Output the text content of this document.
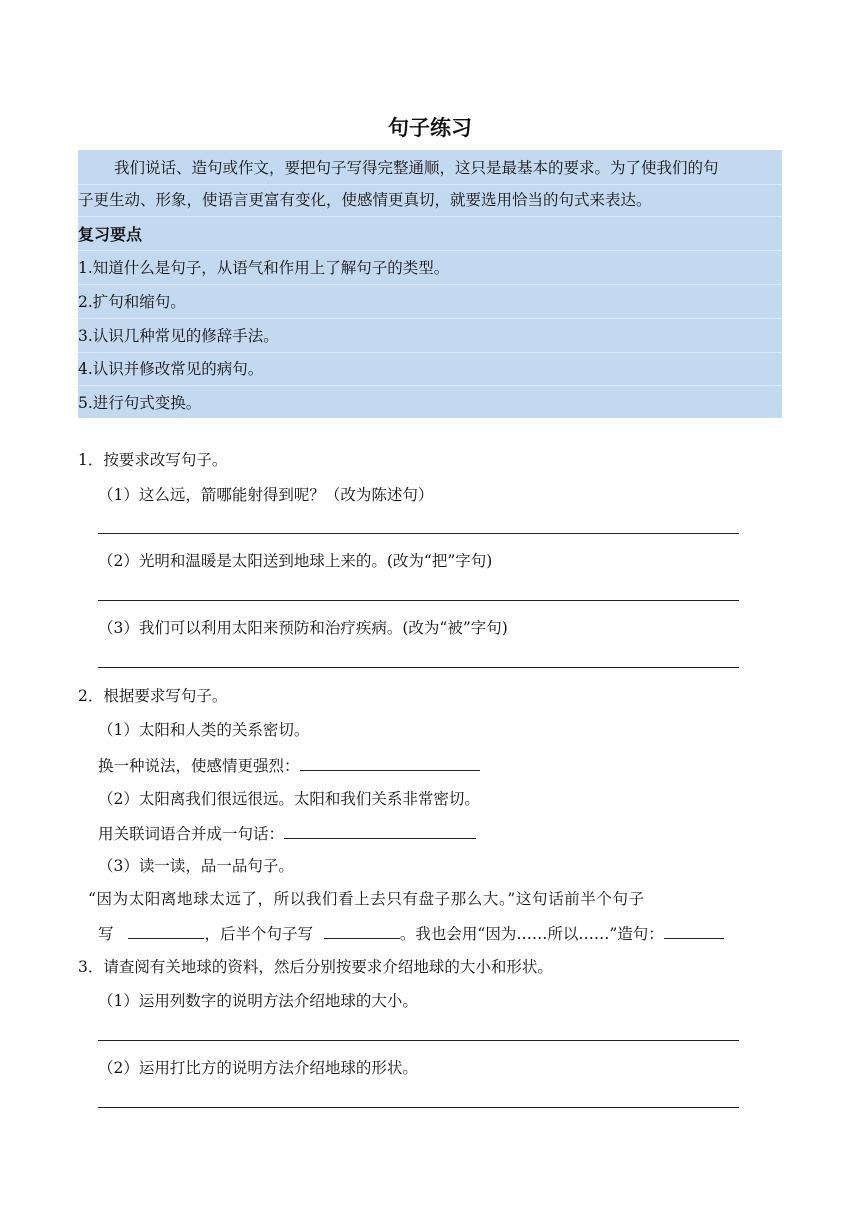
句子练习
我们说话、造句或作文，要把句子写得完整通顺，这只是最基本的要求。为了使我们的句
子更生动、形象，使语言更富有变化，使感情更真切，就要选用恰当的句式来表达。
复习要点
1.知道什么是句子，从语气和作用上了解句子的类型。
2.扩句和缩句。
3.认识几种常见的修辞手法。
4.认识并修改常见的病句。
5.进行句式变换。
1．按要求改写句子。
（1）这么远，箭哪能射得到呢？（改为陈述句）
（2）光明和温暖是太阳送到地球上来的。(改为“把”字句)
（3）我们可以利用太阳来预防和治疗疾病。(改为“被”字句)
2．根据要求写句子。
（1）太阳和人类的关系密切。
换一种说法，使感情更强烈：
（2）太阳离我们很远很远。太阳和我们关系非常密切。
用关联词语合并成一句话：
（3）读一读，品一品句子。
“因为太阳离地球太远了，所以我们看上去只有盘子那么大。”这句话前半个句子
写	，后半个句子写	。我也会用“因为……所以……”造句：
3．请查阅有关地球的资料，然后分别按要求介绍地球的大小和形状。
（1）运用列数字的说明方法介绍地球的大小。
（2）运用打比方的说明方法介绍地球的形状。
